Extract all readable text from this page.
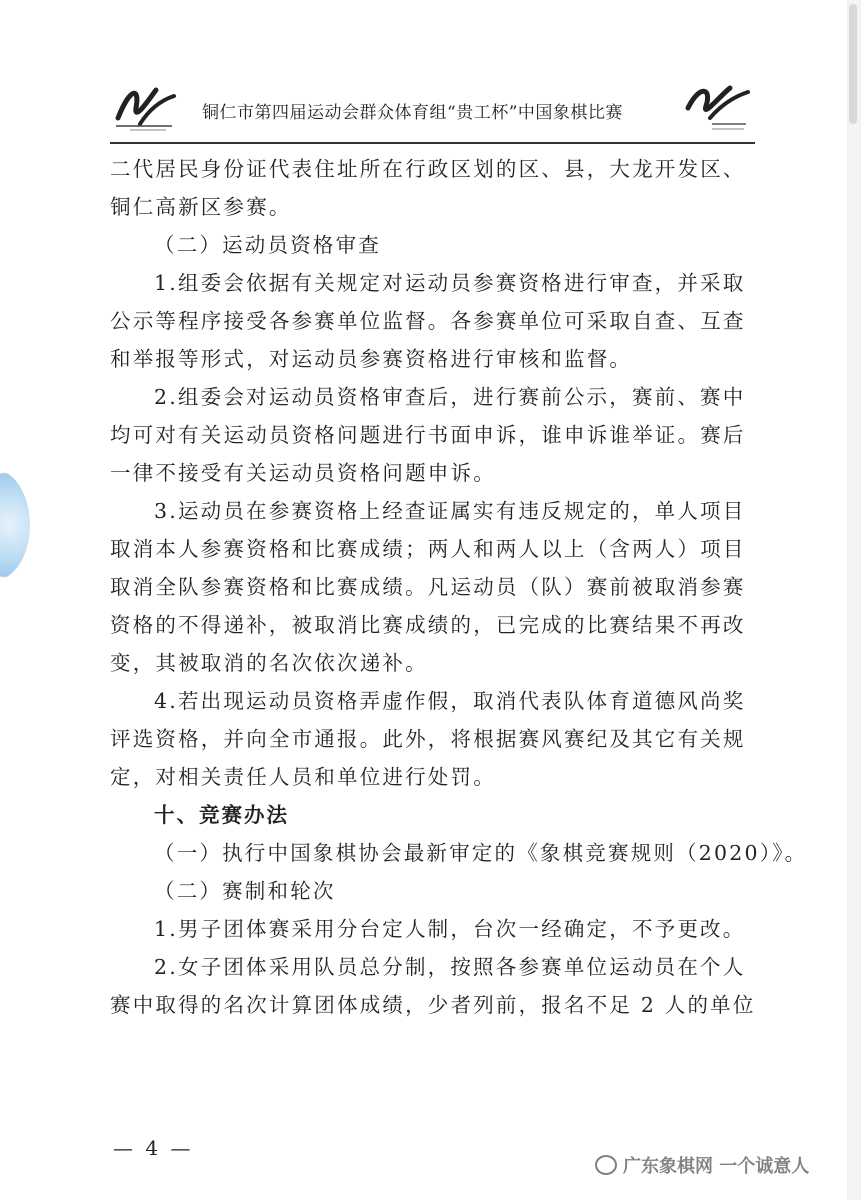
铜仁市第四届运动会群众体育组“贵工杯”中国象棋比赛
二代居民身份证代表住址所在行政区划的区、县，大龙开发区、
铜仁高新区参赛。
（二）运动员资格审查
1.组委会依据有关规定对运动员参赛资格进行审查，并采取
公示等程序接受各参赛单位监督。各参赛单位可采取自查、互查
和举报等形式，对运动员参赛资格进行审核和监督。
2.组委会对运动员资格审查后，进行赛前公示，赛前、赛中
均可对有关运动员资格问题进行书面申诉，谁申诉谁举证。赛后
一律不接受有关运动员资格问题申诉。
3.运动员在参赛资格上经查证属实有违反规定的，单人项目
取消本人参赛资格和比赛成绩；两人和两人以上（含两人）项目
取消全队参赛资格和比赛成绩。凡运动员（队）赛前被取消参赛
资格的不得递补，被取消比赛成绩的，已完成的比赛结果不再改
变，其被取消的名次依次递补。
4.若出现运动员资格弄虚作假，取消代表队体育道德风尚奖
评选资格，并向全市通报。此外，将根据赛风赛纪及其它有关规
定，对相关责任人员和单位进行处罚。
十、竞赛办法
（一）执行中国象棋协会最新审定的《象棋竞赛规则（2020）》。
（二）赛制和轮次
1.男子团体赛采用分台定人制，台次一经确定，不予更改。
2.女子团体采用队员总分制，按照各参赛单位运动员在个人
赛中取得的名次计算团体成绩，少者列前，报名不足 2 人的单位
— 4 —
广东象棋网 一个诚意人
